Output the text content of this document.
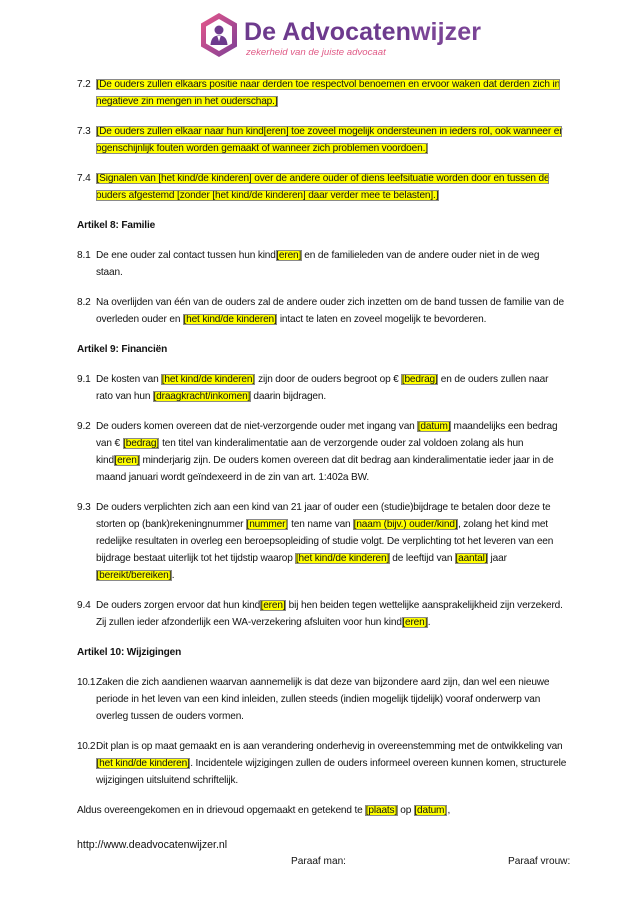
De Advocatenwijzer
zekerheid van de juiste advocaat
7.2 [De ouders zullen elkaars positie naar derden toe respectvol benoemen en ervoor waken dat derden zich in negatieve zin mengen in het ouderschap.]
7.3 [De ouders zullen elkaar naar hun kind[eren] toe zoveel mogelijk ondersteunen in ieders rol, ook wanneer er ogenschijnlijk fouten worden gemaakt of wanneer zich problemen voordoen.]
7.4 [Signalen van [het kind/de kinderen] over de andere ouder of diens leefsituatie worden door en tussen de ouders afgestemd [zonder [het kind/de kinderen] daar verder mee te belasten].]
Artikel 8: Familie
8.1 De ene ouder zal contact tussen hun kind[eren] en de familieleden van de andere ouder niet in de weg staan.
8.2 Na overlijden van één van de ouders zal de andere ouder zich inzetten om de band tussen de familie van de overleden ouder en [het kind/de kinderen] intact te laten en zoveel mogelijk te bevorderen.
Artikel 9: Financiën
9.1 De kosten van [het kind/de kinderen] zijn door de ouders begroot op € [bedrag] en de ouders zullen naar rato van hun [draagkracht/inkomen] daarin bijdragen.
9.2 De ouders komen overeen dat de niet-verzorgende ouder met ingang van [datum] maandelijks een bedrag van € [bedrag] ten titel van kinderalimentatie aan de verzorgende ouder zal voldoen zolang als hun kind[eren] minderjarig zijn. De ouders komen overeen dat dit bedrag aan kinderalimentatie ieder jaar in de maand januari wordt geïndexeerd in de zin van art. 1:402a BW.
9.3 De ouders verplichten zich aan een kind van 21 jaar of ouder een (studie)bijdrage te betalen door deze te storten op (bank)rekeningnummer [nummer] ten name van [naam (bijv.) ouder/kind], zolang het kind met redelijke resultaten in overleg een beroepsopleiding of studie volgt. De verplichting tot het leveren van een bijdrage bestaat uiterlijk tot het tijdstip waarop [het kind/de kinderen] de leeftijd van [aantal] jaar [bereikt/bereiken].
9.4 De ouders zorgen ervoor dat hun kind[eren] bij hen beiden tegen wettelijke aansprakelijkheid zijn verzekerd. Zij zullen ieder afzonderlijk een WA-verzekering afsluiten voor hun kind[eren].
Artikel 10: Wijzigingen
10.1 Zaken die zich aandienen waarvan aannemelijk is dat deze van bijzondere aard zijn, dan wel een nieuwe periode in het leven van een kind inleiden, zullen steeds (indien mogelijk tijdelijk) vooraf onderwerp van overleg tussen de ouders vormen.
10.2 Dit plan is op maat gemaakt en is aan verandering onderhevig in overeenstemming met de ontwikkeling van [het kind/de kinderen]. Incidentele wijzigingen zullen de ouders informeel overeen kunnen komen, structurele wijzigingen uitsluitend schriftelijk.
Aldus overeengekomen en in drievoud opgemaakt en getekend te [plaats] op [datum],
http://www.deadvocatenwijzer.nl
Paraaf man:	Paraaf vrouw:
